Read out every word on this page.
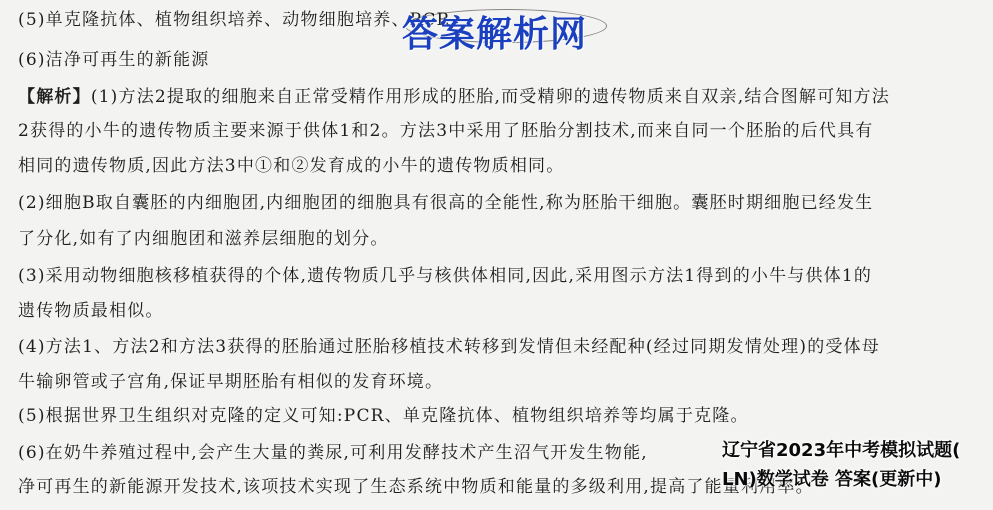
(5)单克隆抗体、植物组织培养、动物细胞培养、PCR
(6)洁净可再生的新能源
【解析】(1)方法2提取的细胞来自正常受精作用形成的胚胎,而受精卵的遗传物质来自双亲,结合图解可知方法
2获得的小牛的遗传物质主要来源于供体1和2。方法3中采用了胚胎分割技术,而来自同一个胚胎的后代具有
相同的遗传物质,因此方法3中①和②发育成的小牛的遗传物质相同。
(2)细胞B取自囊胚的内细胞团,内细胞团的细胞具有很高的全能性,称为胚胎干细胞。囊胚时期细胞已经发生
了分化,如有了内细胞团和滋养层细胞的划分。
(3)采用动物细胞核移植获得的个体,遗传物质几乎与核供体相同,因此,采用图示方法1得到的小牛与供体1的
遗传物质最相似。
(4)方法1、方法2和方法3获得的胚胎通过胚胎移植技术转移到发情但未经配种(经过同期发情处理)的受体母
牛输卵管或子宫角,保证早期胚胎有相似的发育环境。
(5)根据世界卫生组织对克隆的定义可知:PCR、单克隆抗体、植物组织培养等均属于克隆。
(6)在奶牛养殖过程中,会产生大量的粪尿,可利用发酵技术产生沼气开发生物能,
净可再生的新能源开发技术,该项技术实现了生态系统中物质和能量的多级利用,提高了能量利用率。
答案解析网
辽宁省2023年中考模拟试题(
LN)数学试卷 答案(更新中)
